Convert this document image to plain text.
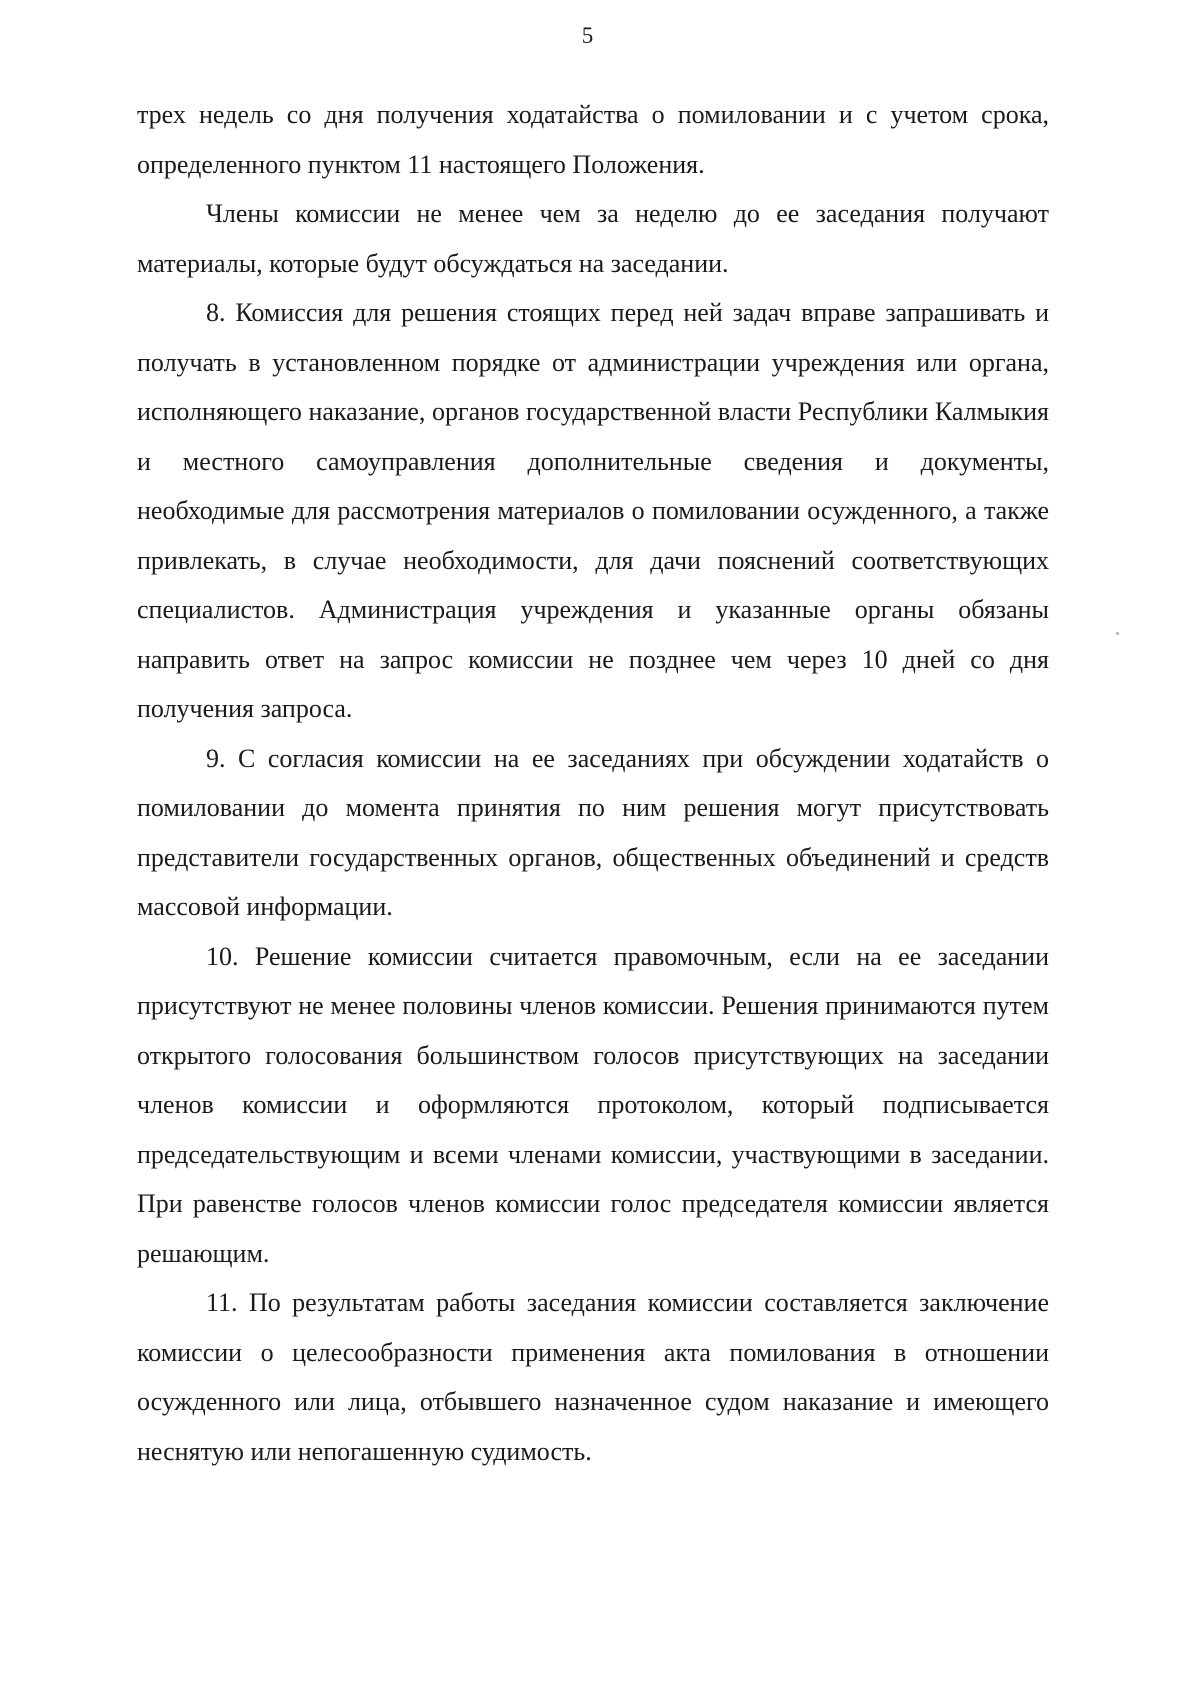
5

трех недель со дня получения ходатайства о помиловании и с учетом срока, определенного пунктом 11 настоящего Положения.

Члены комиссии не менее чем за неделю до ее заседания получают материалы, которые будут обсуждаться на заседании.

8. Комиссия для решения стоящих перед ней задач вправе запрашивать и получать в установленном порядке от администрации учреждения или органа, исполняющего наказание, органов государственной власти Республики Калмыкия и местного самоуправления дополнительные сведения и документы, необходимые для рассмотрения материалов о помиловании осужденного, а также привлекать, в случае необходимости, для дачи пояснений соответствующих специалистов. Администрация учреждения и указанные органы обязаны направить ответ на запрос комиссии не позднее чем через 10 дней со дня получения запроса.

9. С согласия комиссии на ее заседаниях при обсуждении ходатайств о помиловании до момента принятия по ним решения могут присутствовать представители государственных органов, общественных объединений и средств массовой информации.

10. Решение комиссии считается правомочным, если на ее заседании присутствуют не менее половины членов комиссии. Решения принимаются путем открытого голосования большинством голосов присутствующих на заседании членов комиссии и оформляются протоколом, который подписывается председательствующим и всеми членами комиссии, участвующими в заседании. При равенстве голосов членов комиссии голос председателя комиссии является решающим.

11. По результатам работы заседания комиссии составляется заключение комиссии о целесообразности применения акта помилования в отношении осужденного или лица, отбывшего назначенное судом наказание и имеющего неснятую или непогашенную судимость.
